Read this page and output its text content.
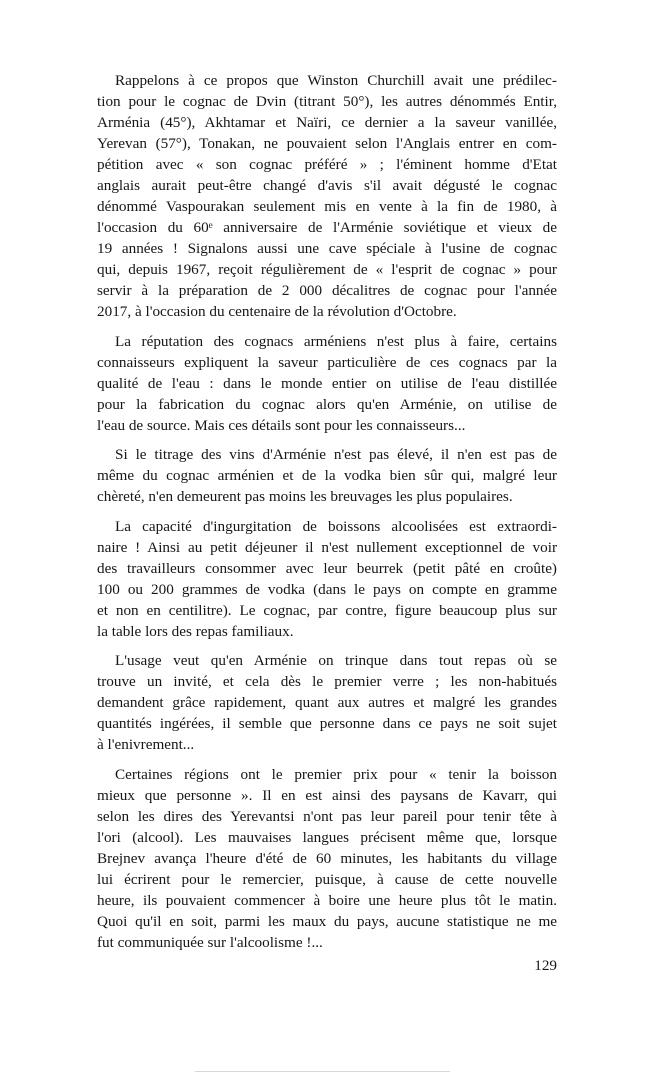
Rappelons à ce propos que Winston Churchill avait une prédilec-
tion pour le cognac de Dvin (titrant 50°), les autres dénommés Entir,
Arménia (45°), Akhtamar et Naïri, ce dernier a la saveur vanillée,
Yerevan (57°), Tonakan, ne pouvaient selon l'Anglais entrer en com-
pétition avec « son cognac préféré » ; l'éminent homme d'Etat
anglais aurait peut-être changé d'avis s'il avait dégusté le cognac
dénommé Vaspourakan seulement mis en vente à la fin de 1980, à
l'occasion du 60ᵉ anniversaire de l'Arménie soviétique et vieux de
19 années ! Signalons aussi une cave spéciale à l'usine de cognac
qui, depuis 1967, reçoit régulièrement de « l'esprit de cognac » pour
servir à la préparation de 2 000 décalitres de cognac pour l'année
2017, à l'occasion du centenaire de la révolution d'Octobre.
La réputation des cognacs arméniens n'est plus à faire, certains
connaisseurs expliquent la saveur particulière de ces cognacs par la
qualité de l'eau : dans le monde entier on utilise de l'eau distillée
pour la fabrication du cognac alors qu'en Arménie, on utilise de
l'eau de source. Mais ces détails sont pour les connaisseurs...
Si le titrage des vins d'Arménie n'est pas élevé, il n'en est pas de
même du cognac arménien et de la vodka bien sûr qui, malgré leur
chèreté, n'en demeurent pas moins les breuvages les plus populaires.
La capacité d'ingurgitation de boissons alcoolisées est extraordi-
naire ! Ainsi au petit déjeuner il n'est nullement exceptionnel de voir
des travailleurs consommer avec leur beurrek (petit pâté en croûte)
100 ou 200 grammes de vodka (dans le pays on compte en gramme
et non en centilitre). Le cognac, par contre, figure beaucoup plus sur
la table lors des repas familiaux.
L'usage veut qu'en Arménie on trinque dans tout repas où se
trouve un invité, et cela dès le premier verre ; les non-habitués
demandent grâce rapidement, quant aux autres et malgré les grandes
quantités ingérées, il semble que personne dans ce pays ne soit sujet
à l'enivrement...
Certaines régions ont le premier prix pour « tenir la boisson
mieux que personne ». Il en est ainsi des paysans de Kavarr, qui
selon les dires des Yerevantsi n'ont pas leur pareil pour tenir tête à
l'ori (alcool). Les mauvaises langues précisent même que, lorsque
Brejnev avança l'heure d'été de 60 minutes, les habitants du village
lui écrirent pour le remercier, puisque, à cause de cette nouvelle
heure, ils pouvaient commencer à boire une heure plus tôt le matin.
Quoi qu'il en soit, parmi les maux du pays, aucune statistique ne me
fut communiquée sur l'alcoolisme !...
129
